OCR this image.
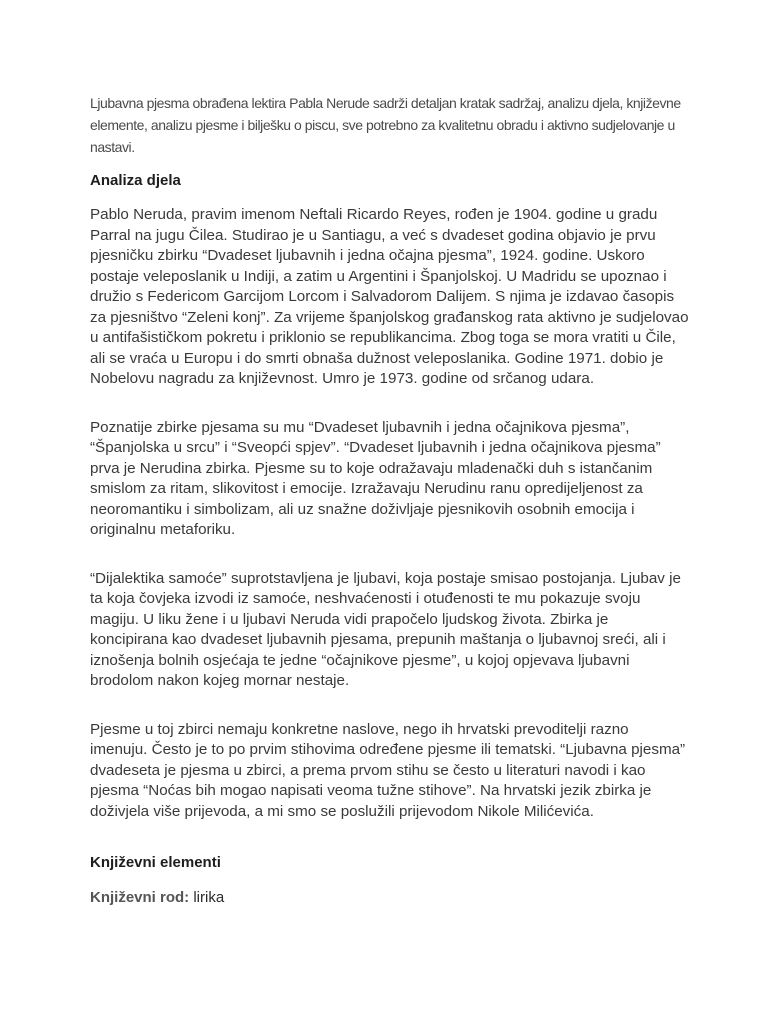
Ljubavna pjesma obrađena lektira Pabla Nerude sadrži detaljan kratak sadržaj, analizu djela, književne elemente, analizu pjesme i bilješku o piscu, sve potrebno za kvalitetnu obradu i aktivno sudjelovanje u nastavi.

Analiza djela

Pablo Neruda, pravim imenom Neftali Ricardo Reyes, rođen je 1904. godine u gradu Parral na jugu Čilea. Studirao je u Santiagu, a već s dvadeset godina objavio je prvu pjesničku zbirku “Dvadeset ljubavnih i jedna očajna pjesma”, 1924. godine. Uskoro postaje veleposlanik u Indiji, a zatim u Argentini i Španjolskoj. U Madridu se upoznao i družio s Federicom Garcijom Lorcom i Salvadorom Dalijem. S njima je izdavao časopis za pjesništvo “Zeleni konj”. Za vrijeme španjolskog građanskog rata aktivno je sudjelovao u antifašističkom pokretu i priklonio se republikancima. Zbog toga se mora vratiti u Čile, ali se vraća u Europu i do smrti obnaša dužnost veleposlanika. Godine 1971. dobio je Nobelovu nagradu za književnost. Umro je 1973. godine od srčanog udara.

Poznatije zbirke pjesama su mu “Dvadeset ljubavnih i jedna očajnikova pjesma”, “Španjolska u srcu” i “Sveopći spjev”. “Dvadeset ljubavnih i jedna očajnikova pjesma” prva je Nerudina zbirka. Pjesme su to koje odražavaju mladenački duh s istančanim smislom za ritam, slikovitost i emocije. Izražavaju Nerudinu ranu opredijeljenost za neoromantiku i simbolizam, ali uz snažne doživljaje pjesnikovih osobnih emocija i originalnu metaforiku.

“Dijalektika samoće” suprotstavljena je ljubavi, koja postaje smisao postojanja. Ljubav je ta koja čovjeka izvodi iz samoće, neshvaćenosti i otuđenosti te mu pokazuje svoju magiju. U liku žene i u ljubavi Neruda vidi prapočelo ljudskog života. Zbirka je koncipirana kao dvadeset ljubavnih pjesama, prepunih maštanja o ljubavnoj sreći, ali i iznošenja bolnih osjećaja te jedne “očajnikove pjesme”, u kojoj opjevava ljubavni brodolom nakon kojeg mornar nestaje.

Pjesme u toj zbirci nemaju konkretne naslove, nego ih hrvatski prevoditelji razno imenuju. Često je to po prvim stihovima određene pjesme ili tematski. “Ljubavna pjesma” dvadeseta je pjesma u zbirci, a prema prvom stihu se često u literaturi navodi i kao pjesma “Noćas bih mogao napisati veoma tužne stihove”. Na hrvatski jezik zbirka je doživjela više prijevoda, a mi smo se poslužili prijevodom Nikole Milićevića.

Književni elementi

Književni rod: lirika
